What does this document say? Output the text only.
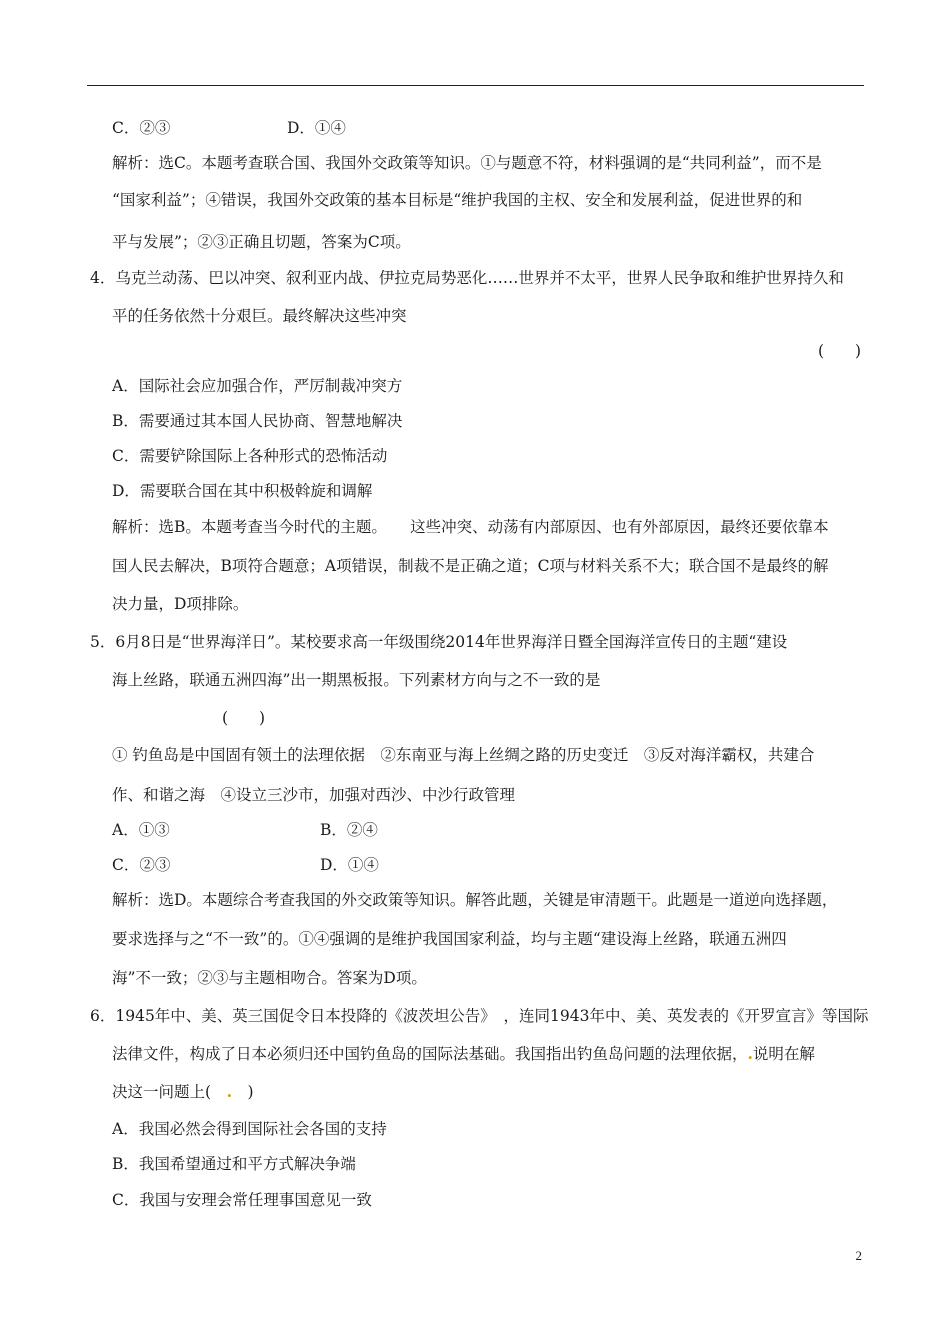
C．②③	D．①④
解析：选C。本题考查联合国、我国外交政策等知识。①与题意不符，材料强调的是“共同利益”，而不是
“国家利益”；④错误，我国外交政策的基本目标是“维护我国的主权、安全和发展利益，促进世界的和
平与发展”；②③正确且切题，答案为C项。
4．乌克兰动荡、巴以冲突、叙利亚内战、伊拉克局势恶化……世界并不太平，世界人民争取和维护世界持久和
平的任务依然十分艰巨。最终解决这些冲突
(　　)
A．国际社会应加强合作，严厉制裁冲突方
B．需要通过其本国人民协商、智慧地解决
C．需要铲除国际上各种形式的恐怖活动
D．需要联合国在其中积极斡旋和调解
解析：选B。本题考查当今时代的主题。　　这些冲突、动荡有内部原因、也有外部原因，最终还要依靠本
国人民去解决，B项符合题意；A项错误，制裁不是正确之道；C项与材料关系不大；联合国不是最终的解
决力量，D项排除。
5．6月8日是“世界海洋日”。某校要求高一年级围绕2014年世界海洋日暨全国海洋宣传日的主题“建设
海上丝路，联通五洲四海”出一期黑板报。下列素材方向与之不一致的是
(　　)
① 钓鱼岛是中国固有领土的法理依据　②东南亚与海上丝绸之路的历史变迁　③反对海洋霸权，共建合
作、和谐之海　④设立三沙市，加强对西沙、中沙行政管理
A．①③	B．②④
C．②③	D．①④
解析：选D。本题综合考查我国的外交政策等知识。解答此题，关键是审清题干。此题是一道逆向选择题，
要求选择与之“不一致”的。①④强调的是维护我国国家利益，均与主题“建设海上丝路，联通五洲四
海”不一致；②③与主题相吻合。答案为D项。
6．1945年中、美、英三国促令日本投降的《波茨坦公告》　，连同1943年中、美、英发表的《开罗宣言》等国际
法律文件，构成了日本必须归还中国钓鱼岛的国际法基础。我国指出钓鱼岛问题的法理依据，.说明在解
决这一问题上(　.　)
A．我国必然会得到国际社会各国的支持
B．我国希望通过和平方式解决争端
C．我国与安理会常任理事国意见一致
2
